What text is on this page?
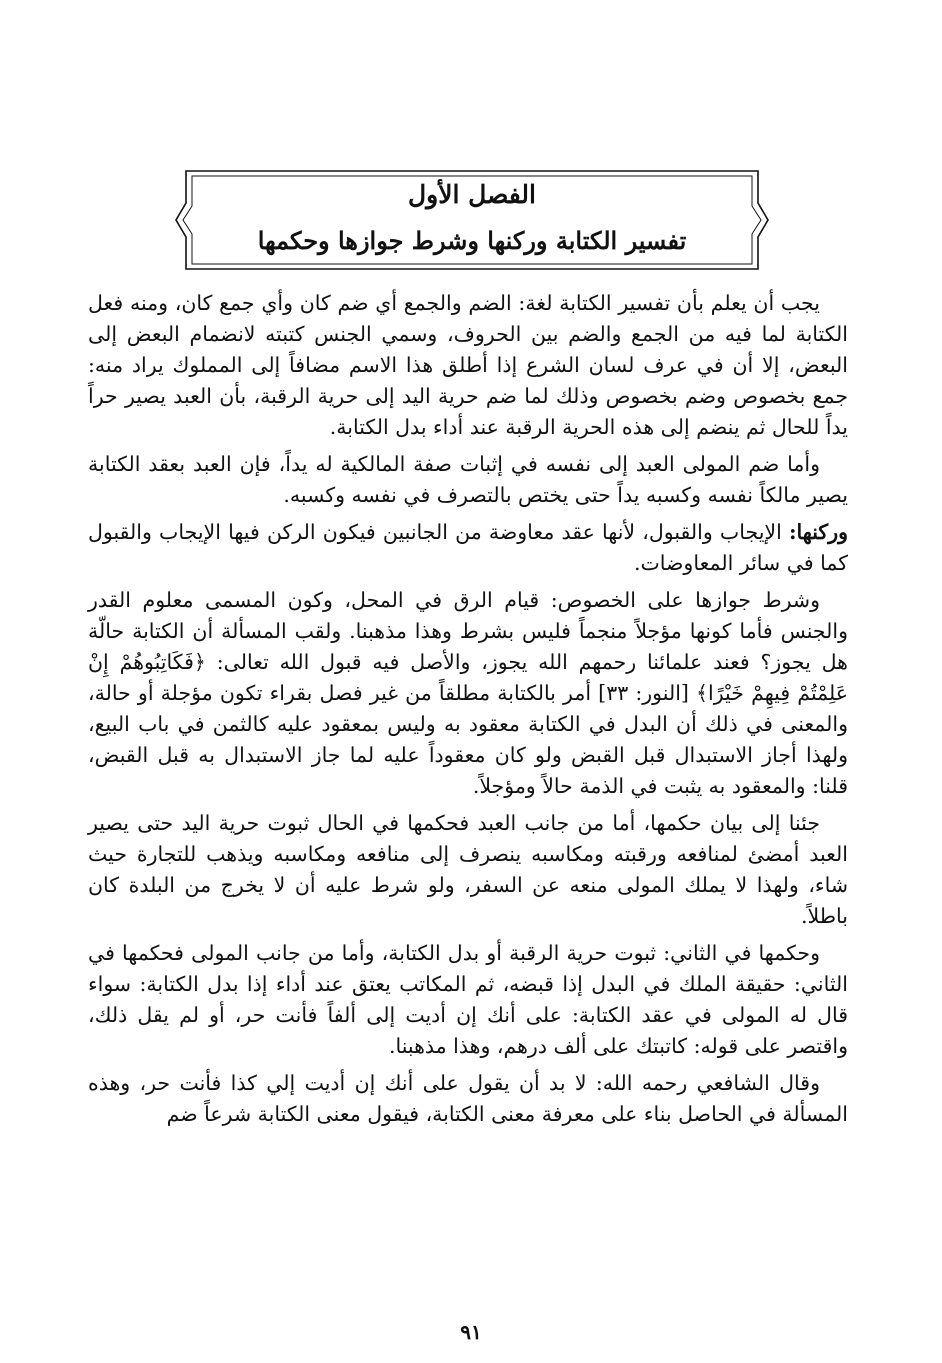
الفصل الأول
تفسير الكتابة وركنها وشرط جوازها وحكمها

يجب أن يعلم بأن تفسير الكتابة لغة: الضم والجمع أي ضم كان وأي جمع كان، ومنه فعل الكتابة لما فيه من الجمع والضم بين الحروف، وسمي الجنس كتبته لانضمام البعض إلى البعض، إلا أن في عرف لسان الشرع إذا أطلق هذا الاسم مضافاً إلى المملوك يراد منه: جمع بخصوص وضم بخصوص وذلك لما ضم حرية اليد إلى حرية الرقبة، بأن العبد يصير حراً يداً للحال ثم ينضم إلى هذه الحرية الرقبة عند أداء بدل الكتابة.

وأما ضم المولى العبد إلى نفسه في إثبات صفة المالكية له يداً، فإن العبد بعقد الكتابة يصير مالكاً نفسه وكسبه يداً حتى يختص بالتصرف في نفسه وكسبه.

وركنها: الإيجاب والقبول، لأنها عقد معاوضة من الجانبين فيكون الركن فيها الإيجاب والقبول كما في سائر المعاوضات.

وشرط جوازها على الخصوص: قيام الرق في المحل، وكون المسمى معلوم القدر والجنس فأما كونها مؤجلاً منجماً فليس بشرط وهذا مذهبنا. ولقب المسألة أن الكتابة حالّة هل يجوز؟ فعند علمائنا رحمهم الله يجوز، والأصل فيه قبول الله تعالى: ﴿فَكَاتِبُوهُمْ إِنْ عَلِمْتُمْ فِيهِمْ خَيْرًا﴾ [النور: ٣٣] أمر بالكتابة مطلقاً من غير فصل بقراء تكون مؤجلة أو حالة، والمعنى في ذلك أن البدل في الكتابة معقود به وليس بمعقود عليه كالثمن في باب البيع، ولهذا أجاز الاستبدال قبل القبض ولو كان معقوداً عليه لما جاز الاستبدال به قبل القبض، قلنا: والمعقود به يثبت في الذمة حالاً ومؤجلاً.

جئنا إلى بيان حكمها، أما من جانب العبد فحكمها في الحال ثبوت حرية اليد حتى يصير العبد أمضئ لمنافعه ورقبته ومكاسبه ينصرف إلى منافعه ومكاسبه ويذهب للتجارة حيث شاء، ولهذا لا يملك المولى منعه عن السفر، ولو شرط عليه أن لا يخرج من البلدة كان باطلاً.

وحكمها في الثاني: ثبوت حرية الرقبة أو بدل الكتابة، وأما من جانب المولى فحكمها في الثاني: حقيقة الملك في البدل إذا قبضه، ثم المكاتب يعتق عند أداء إذا بدل الكتابة: سواء قال له المولى في عقد الكتابة: على أنك إن أديت إلى ألفاً فأنت حر، أو لم يقل ذلك، واقتصر على قوله: كاتبتك على ألف درهم، وهذا مذهبنا.

وقال الشافعي رحمه الله: لا بد أن يقول على أنك إن أديت إلي كذا فأنت حر، وهذه المسألة في الحاصل بناء على معرفة معنى الكتابة، فيقول معنى الكتابة شرعاً ضم

٩١
